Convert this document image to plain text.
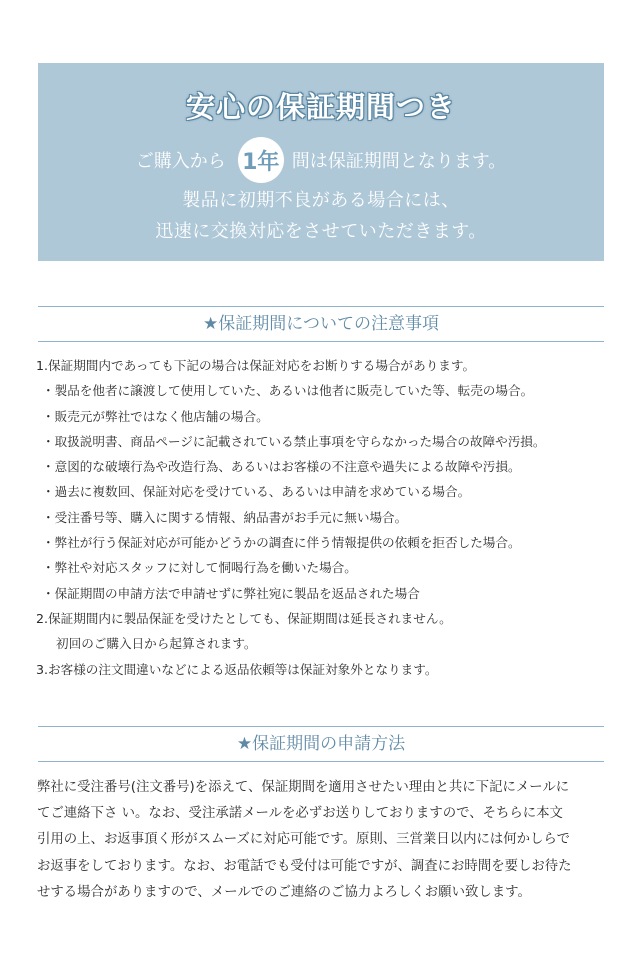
安心の保証期間つき
ご購入から 1年 間は保証期間となります。
製品に初期不良がある場合には、
迅速に交換対応をさせていただきます。
★保証期間についての注意事項
1.保証期間内であっても下記の場合は保証対応をお断りする場合があります。
・製品を他者に譲渡して使用していた、あるいは他者に販売していた等、転売の場合。
・販売元が弊社ではなく他店舗の場合。
・取扱説明書、商品ページに記載されている禁止事項を守らなかった場合の故障や汚損。
・意図的な破壊行為や改造行為、あるいはお客様の不注意や過失による故障や汚損。
・過去に複数回、保証対応を受けている、あるいは申請を求めている場合。
・受注番号等、購入に関する情報、納品書がお手元に無い場合。
・弊社が行う保証対応が可能かどうかの調査に伴う情報提供の依頼を拒否した場合。
・弊社や対応スタッフに対して恫喝行為を働いた場合。
・保証期間の申請方法で申請せずに弊社宛に製品を返品された場合
2.保証期間内に製品保証を受けたとしても、保証期間は延長されません。
初回のご購入日から起算されます。
3.お客様の注文間違いなどによる返品依頼等は保証対象外となります。
★保証期間の申請方法
弊社に受注番号(注文番号)を添えて、保証期間を適用させたい理由と共に下記にメールに
てご連絡下さ い。なお、受注承諾メールを必ずお送りしておりますので、そちらに本文
引用の上、お返事頂く形がスムーズに対応可能です。原則、三営業日以内には何かしらで
お返事をしております。なお、お電話でも受付は可能ですが、調査にお時間を要しお待た
せする場合がありますので、メールでのご連絡のご協力よろしくお願い致します。
